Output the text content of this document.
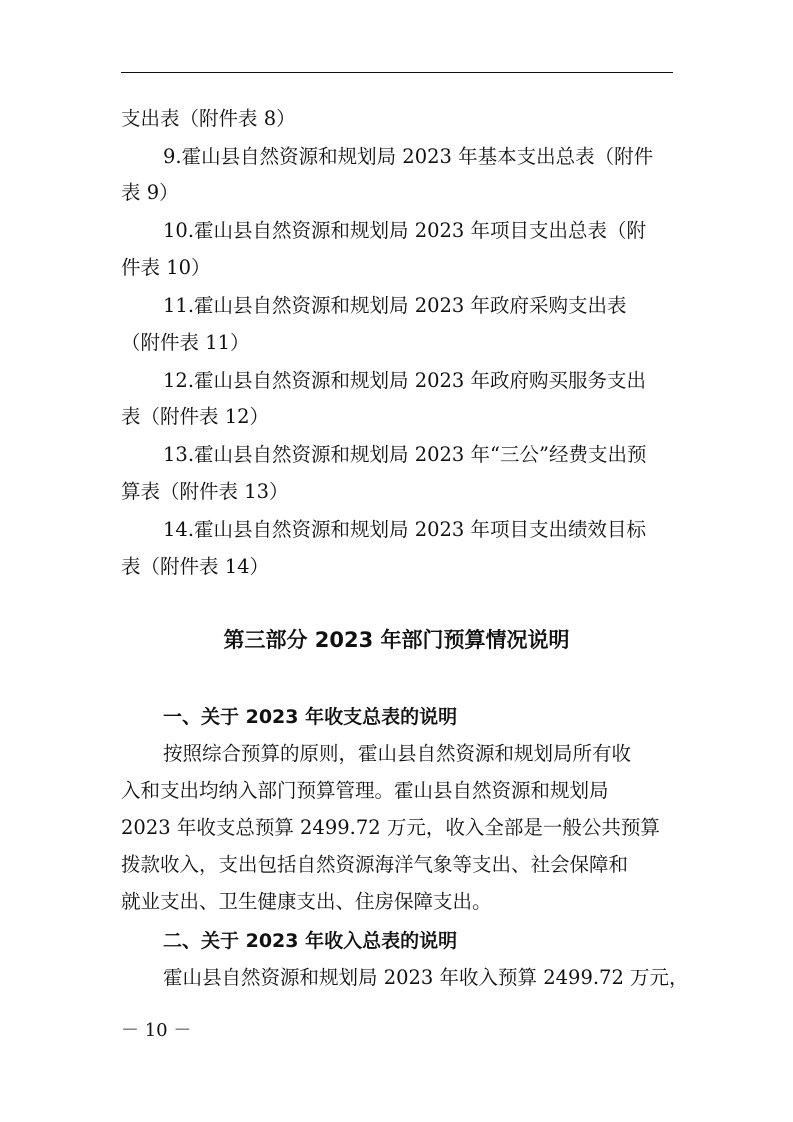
支出表（附件表 8）
9.霍山县自然资源和规划局 2023 年基本支出总表（附件
表 9）
10.霍山县自然资源和规划局 2023 年项目支出总表（附
件表 10）
11.霍山县自然资源和规划局 2023 年政府采购支出表
（附件表 11）
12.霍山县自然资源和规划局 2023 年政府购买服务支出
表（附件表 12）
13.霍山县自然资源和规划局 2023 年“三公”经费支出预
算表（附件表 13）
14.霍山县自然资源和规划局 2023 年项目支出绩效目标
表（附件表 14）
第三部分 2023 年部门预算情况说明
一、关于 2023 年收支总表的说明
按照综合预算的原则，霍山县自然资源和规划局所有收
入和支出均纳入部门预算管理。霍山县自然资源和规划局
2023 年收支总预算 2499.72 万元，收入全部是一般公共预算
拨款收入，支出包括自然资源海洋气象等支出、社会保障和
就业支出、卫生健康支出、住房保障支出。
二、关于 2023 年收入总表的说明
霍山县自然资源和规划局 2023 年收入预算 2499.72 万元，
－ 10 －
